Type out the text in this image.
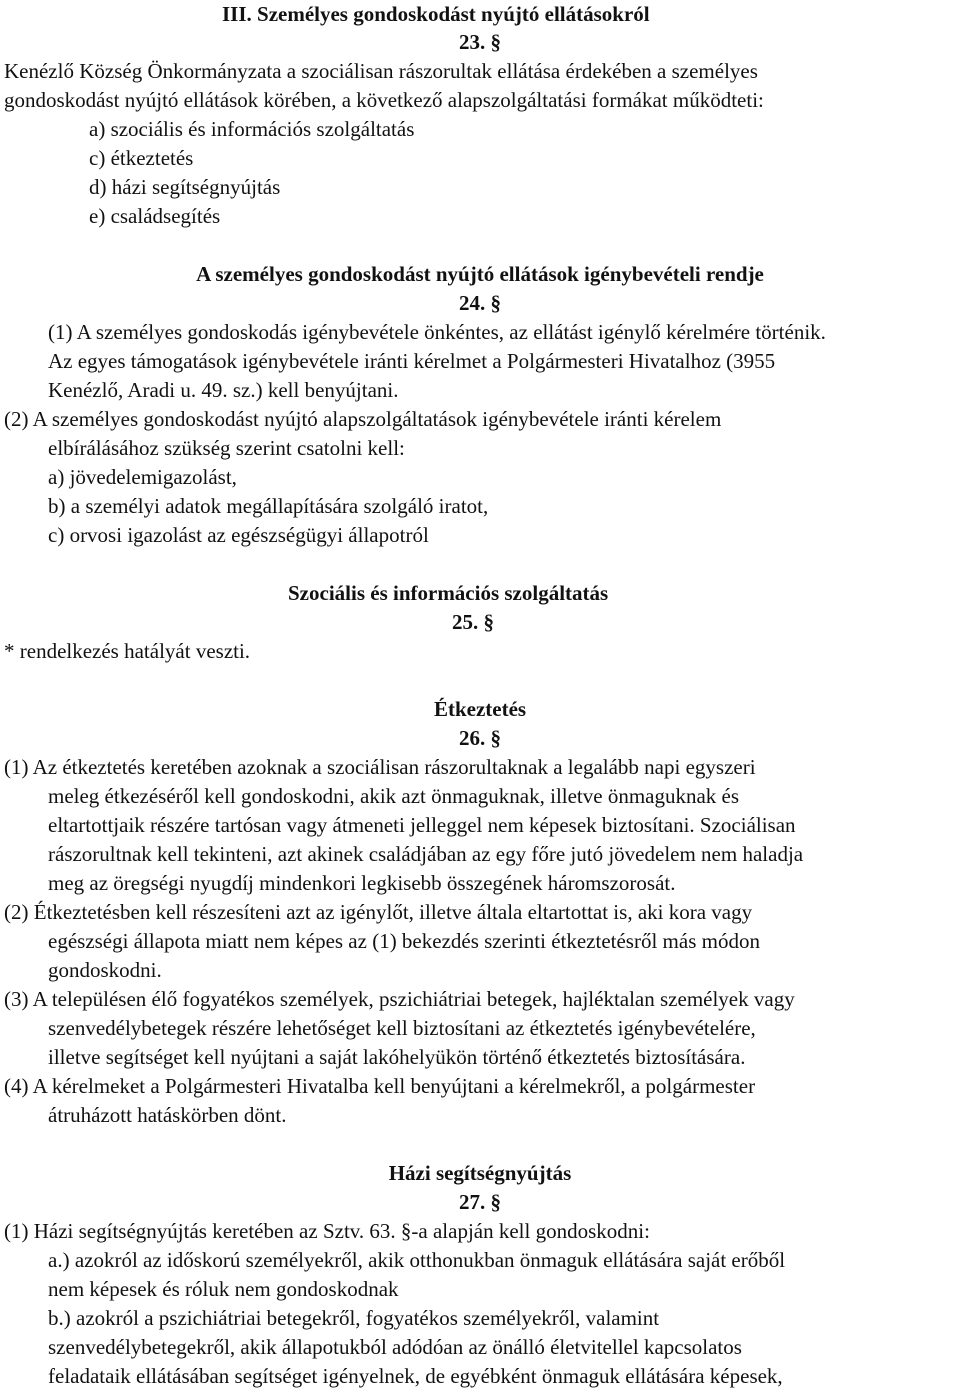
III. Személyes gondoskodást nyújtó ellátásokról
23. §
Kenézlő Község Önkormányzata a szociálisan rászorultak ellátása érdekében a személyes
gondoskodást nyújtó ellátások körében, a következő alapszolgáltatási formákat működteti:
a) szociális és információs szolgáltatás
c) étkeztetés
d) házi segítségnyújtás
e) családsegítés
A személyes gondoskodást nyújtó ellátások igénybevételi rendje
24. §
(1) A személyes gondoskodás igénybevétele önkéntes, az ellátást igénylő kérelmére történik.
Az egyes támogatások igénybevétele iránti kérelmet a Polgármesteri Hivatalhoz (3955
Kenézlő, Aradi u. 49. sz.) kell benyújtani.
(2) A személyes gondoskodást nyújtó alapszolgáltatások igénybevétele iránti kérelem
elbírálásához szükség szerint csatolni kell:
a) jövedelemigazolást,
b) a személyi adatok megállapítására szolgáló iratot,
c) orvosi igazolást az egészségügyi állapotról
Szociális és információs szolgáltatás
25. §
* rendelkezés hatályát veszti.
Étkeztetés
26. §
(1) Az étkeztetés keretében azoknak a szociálisan rászorultaknak a legalább napi egyszeri
meleg étkezéséről kell gondoskodni, akik azt önmaguknak, illetve önmaguknak és
eltartottjaik részére tartósan vagy átmeneti jelleggel nem képesek biztosítani. Szociálisan
rászorultnak kell tekinteni, azt akinek családjában az egy főre jutó jövedelem nem haladja
meg az öregségi nyugdíj mindenkori legkisebb összegének háromszorosát.
(2) Étkeztetésben kell részesíteni azt az igénylőt, illetve általa eltartottat is, aki kora vagy
egészségi állapota miatt nem képes az (1) bekezdés szerinti étkeztetésről más módon
gondoskodni.
(3) A településen élő fogyatékos személyek, pszichiátriai betegek, hajléktalan személyek vagy
szenvedélybetegek részére lehetőséget kell biztosítani az étkeztetés igénybevételére,
illetve segítséget kell nyújtani a saját lakóhelyükön történő étkeztetés biztosítására.
(4) A kérelmeket a Polgármesteri Hivatalba kell benyújtani a kérelmekről, a polgármester
átruházott hatáskörben dönt.
Házi segítségnyújtás
27. §
(1) Házi segítségnyújtás keretében az Sztv. 63. §-a alapján kell gondoskodni:
a.) azokról az időskorú személyekről, akik otthonukban önmaguk ellátására saját erőből
nem képesek és róluk nem gondoskodnak
b.) azokról a pszichiátriai betegekről, fogyatékos személyekről, valamint
szenvedélybetegekről, akik állapotukból adódóan az önálló életvitellel kapcsolatos
feladataik ellátásában segítséget igényelnek, de egyébként önmaguk ellátására képesek,
